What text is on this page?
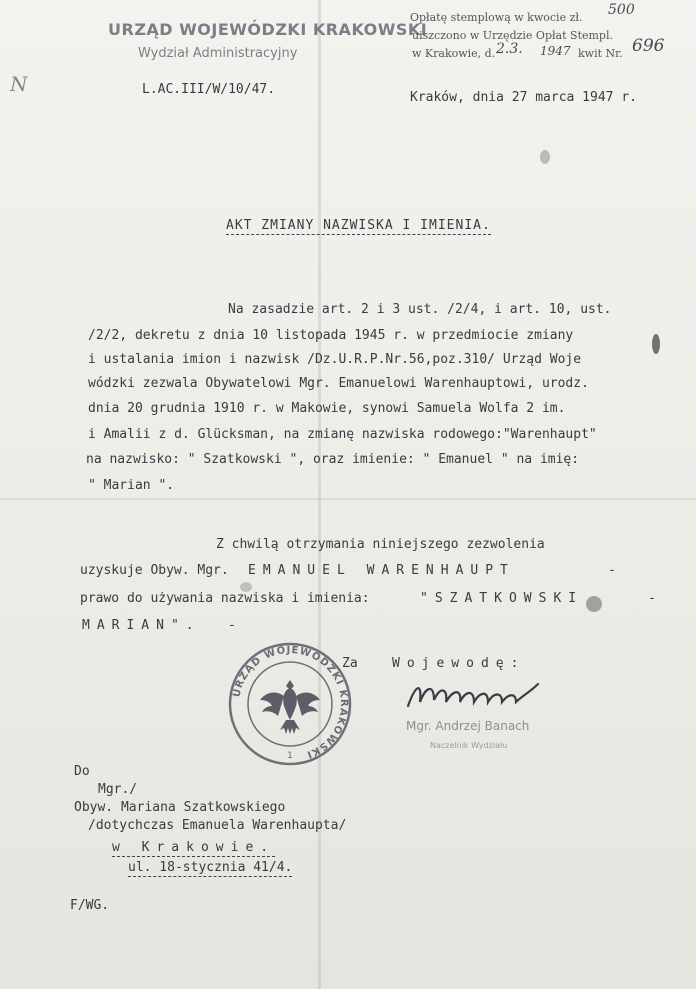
URZĄD WOJEWÓDZKI KRAKOWSKI
Wydział Administracyjny
Opłatę stemplową w kwocie zł. 500
uiszczono w Urzędzie Opłat Stempl.
w Krakowie, d. 2.3. 1947 kwit Nr. 696
N	L.AC.III/W/10/47.
Kraków, dnia 27 marca 1947 r.
AKT ZMIANY NAZWISKA I IMIENIA.
Na zasadzie art. 2 i 3 ust. /2/4, i art. 10, ust.
/2/2, dekretu z dnia 10 listopada 1945 r. w przedmiocie zmiany
i ustalania imion i nazwisk /Dz.U.R.P.Nr.56,poz.310/ Urząd Woje
wódzki zezwala Obywatelowi Mgr. Emanuelowi Warenhauptowi, urodz.
dnia 20 grudnia 1910 r. w Makowie, synowi Samuela Wolfa 2 im.
i Amalii z d. Glücksman, na zmianę nazwiska rodowego:"Warenhaupt"
na nazwisko: " Szatkowski ", oraz imienie: " Emanuel " na imię:
" Marian ".
Z chwilą otrzymania niniejszego zezwolenia
uzyskuje Obyw. Mgr. EMANUEL WARENHAUPT	-
prawo do używania nazwiska i imienia:	"SZATKOWSKI	-
MARIAN". -
Za	Wojewodę:
Mgr. Andrzej Banach
Naczelnik Wydziału
URZĄD WOJEWÓDZKI KRAKOWSKI
1
Do
Mgr./
Obyw. Mariana Szatkowskiego
/dotychczas Emanuela Warenhaupta/
w Krakowie.
ul. 18-stycznia 41/4.
F/WG.
